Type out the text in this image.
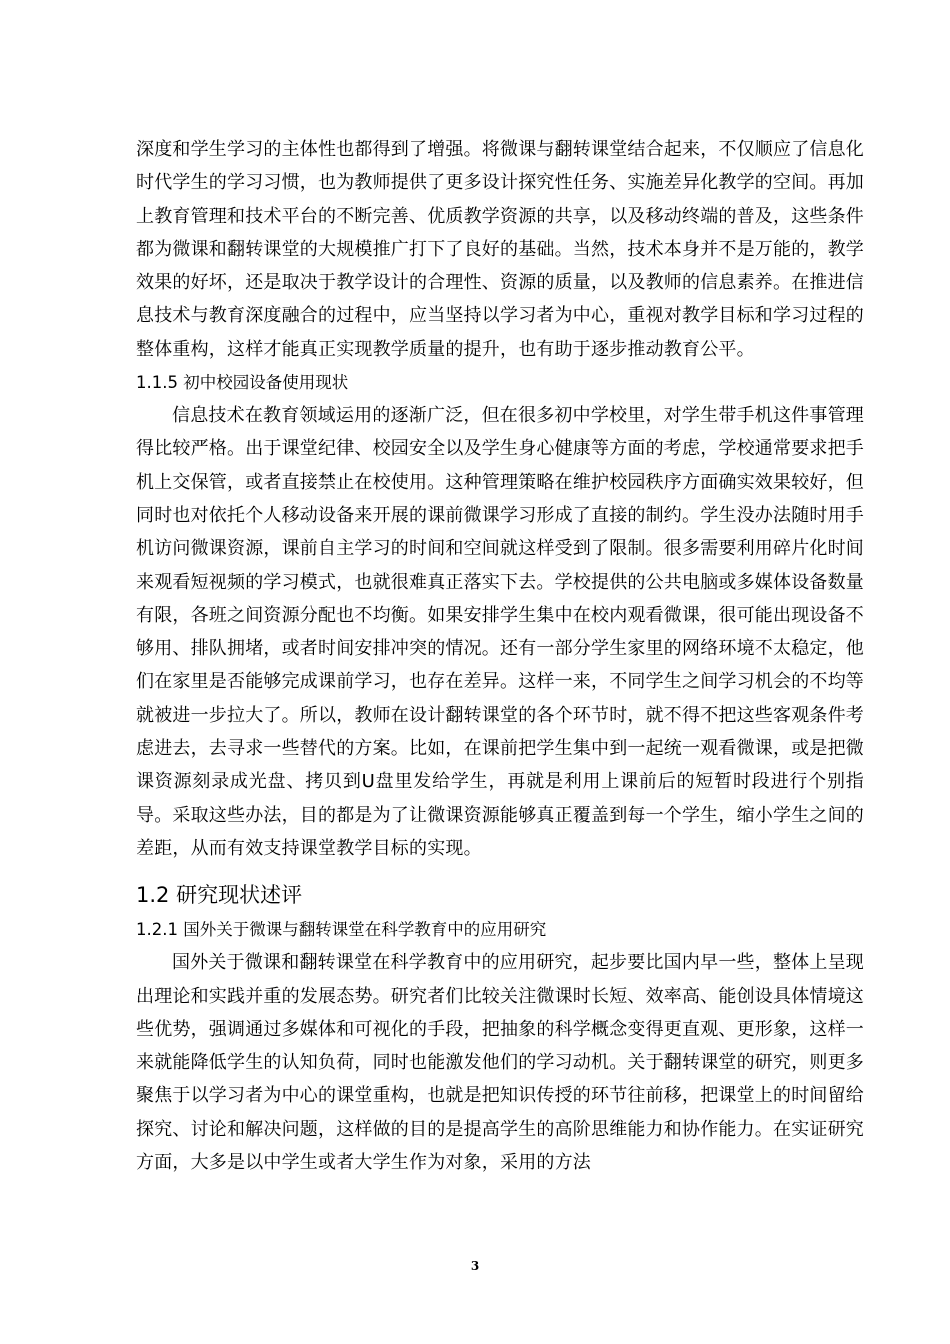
深度和学生学习的主体性也都得到了增强。将微课与翻转课堂结合起来，不仅顺应了信息化时代学生的学习习惯，也为教师提供了更多设计探究性任务、实施差异化教学的空间。再加上教育管理和技术平台的不断完善、优质教学资源的共享，以及移动终端的普及，这些条件都为微课和翻转课堂的大规模推广打下了良好的基础。当然，技术本身并不是万能的，教学效果的好坏，还是取决于教学设计的合理性、资源的质量，以及教师的信息素养。在推进信息技术与教育深度融合的过程中，应当坚持以学习者为中心，重视对教学目标和学习过程的整体重构，这样才能真正实现教学质量的提升，也有助于逐步推动教育公平。

1.1.5 初中校园设备使用现状

信息技术在教育领域运用的逐渐广泛，但在很多初中学校里，对学生带手机这件事管理得比较严格。出于课堂纪律、校园安全以及学生身心健康等方面的考虑，学校通常要求把手机上交保管，或者直接禁止在校使用。这种管理策略在维护校园秩序方面确实效果较好，但同时也对依托个人移动设备来开展的课前微课学习形成了直接的制约。学生没办法随时用手机访问微课资源，课前自主学习的时间和空间就这样受到了限制。很多需要利用碎片化时间来观看短视频的学习模式，也就很难真正落实下去。学校提供的公共电脑或多媒体设备数量有限，各班之间资源分配也不均衡。如果安排学生集中在校内观看微课，很可能出现设备不够用、排队拥堵，或者时间安排冲突的情况。还有一部分学生家里的网络环境不太稳定，他们在家里是否能够完成课前学习，也存在差异。这样一来，不同学生之间学习机会的不均等就被进一步拉大了。所以，教师在设计翻转课堂的各个环节时，就不得不把这些客观条件考虑进去，去寻求一些替代的方案。比如，在课前把学生集中到一起统一观看微课，或是把微课资源刻录成光盘、拷贝到U盘里发给学生，再就是利用上课前后的短暂时段进行个别指导。采取这些办法，目的都是为了让微课资源能够真正覆盖到每一个学生，缩小学生之间的差距，从而有效支持课堂教学目标的实现。

1.2 研究现状述评
1.2.1 国外关于微课与翻转课堂在科学教育中的应用研究

国外关于微课和翻转课堂在科学教育中的应用研究，起步要比国内早一些，整体上呈现出理论和实践并重的发展态势。研究者们比较关注微课时长短、效率高、能创设具体情境这些优势，强调通过多媒体和可视化的手段，把抽象的科学概念变得更直观、更形象，这样一来就能降低学生的认知负荷，同时也能激发他们的学习动机。关于翻转课堂的研究，则更多聚焦于以学习者为中心的课堂重构，也就是把知识传授的环节往前移，把课堂上的时间留给探究、讨论和解决问题，这样做的目的是提高学生的高阶思维能力和协作能力。在实证研究方面，大多是以中学生或者大学生作为对象，采用的方法

3
